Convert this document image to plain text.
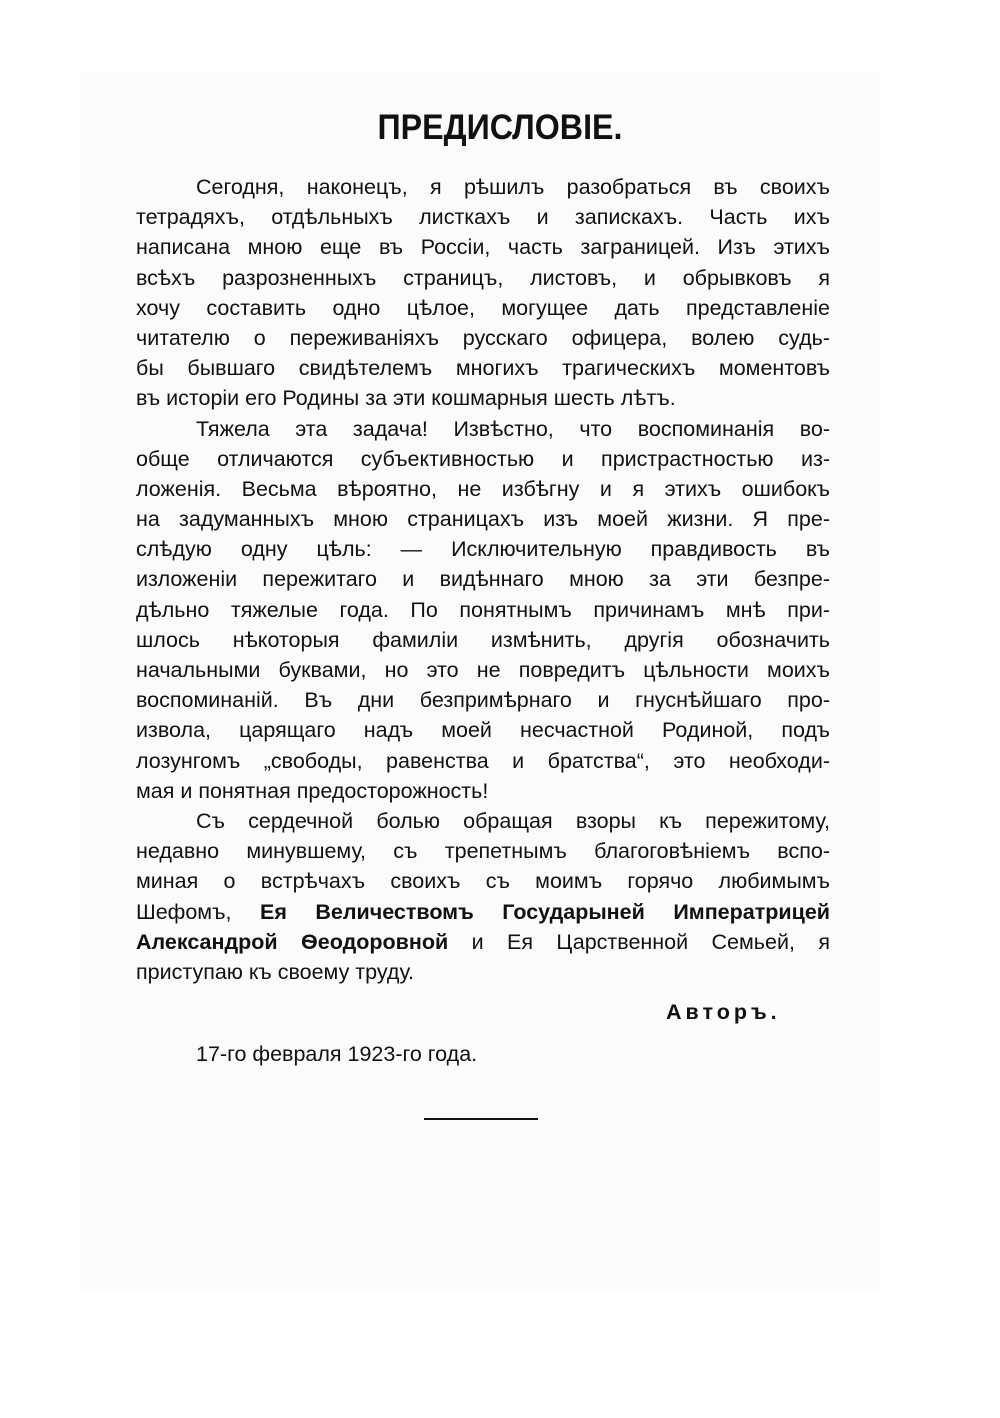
ПРЕДИСЛОВІЕ.
Сегодня, наконецъ, я рѣшилъ разобраться въ своихъ
тетрадяхъ, отдѣльныхъ листкахъ и запискахъ. Часть ихъ
написана мною еще въ Россіи, часть заграницей. Изъ этихъ
всѣхъ разрозненныхъ страницъ, листовъ, и обрывковъ я
хочу составить одно цѣлое, могущее дать представленіе
читателю о переживаніяхъ русскаго офицера, волею судь-
бы бывшаго свидѣтелемъ многихъ трагическихъ моментовъ
въ исторіи его Родины за эти кошмарныя шесть лѣтъ.
Тяжела эта задача! Извѣстно, что воспоминанія во-
обще отличаются субъективностью и пристрастностью из-
ложенія. Весьма вѣроятно, не избѣгну и я этихъ ошибокъ
на задуманныхъ мною страницахъ изъ моей жизни. Я пре-
слѣдую одну цѣль: — Исключительную правдивость въ
изложеніи пережитаго и видѣннаго мною за эти безпре-
дѣльно тяжелые года. По понятнымъ причинамъ мнѣ при-
шлось нѣкоторыя фамиліи измѣнить, другія обозначить
начальными буквами, но это не повредитъ цѣльности моихъ
воспоминаній. Въ дни безпримѣрнаго и гнуснѣйшаго про-
извола, царящаго надъ моей несчастной Родиной, подъ
лозунгомъ „свободы, равенства и братства“, это необходи-
мая и понятная предосторожность!
Съ сердечной болью обращая взоры къ пережитому,
недавно минувшему, съ трепетнымъ благоговѣніемъ вспо-
миная о встрѣчахъ своихъ съ моимъ горячо любимымъ
Шефомъ, Ея Величествомъ Государыней Императрицей
Александрой Ѳеодоровной и Ея Царственной Семьей, я
приступаю къ своему труду.
Авторъ.
17-го февраля 1923-го года.
